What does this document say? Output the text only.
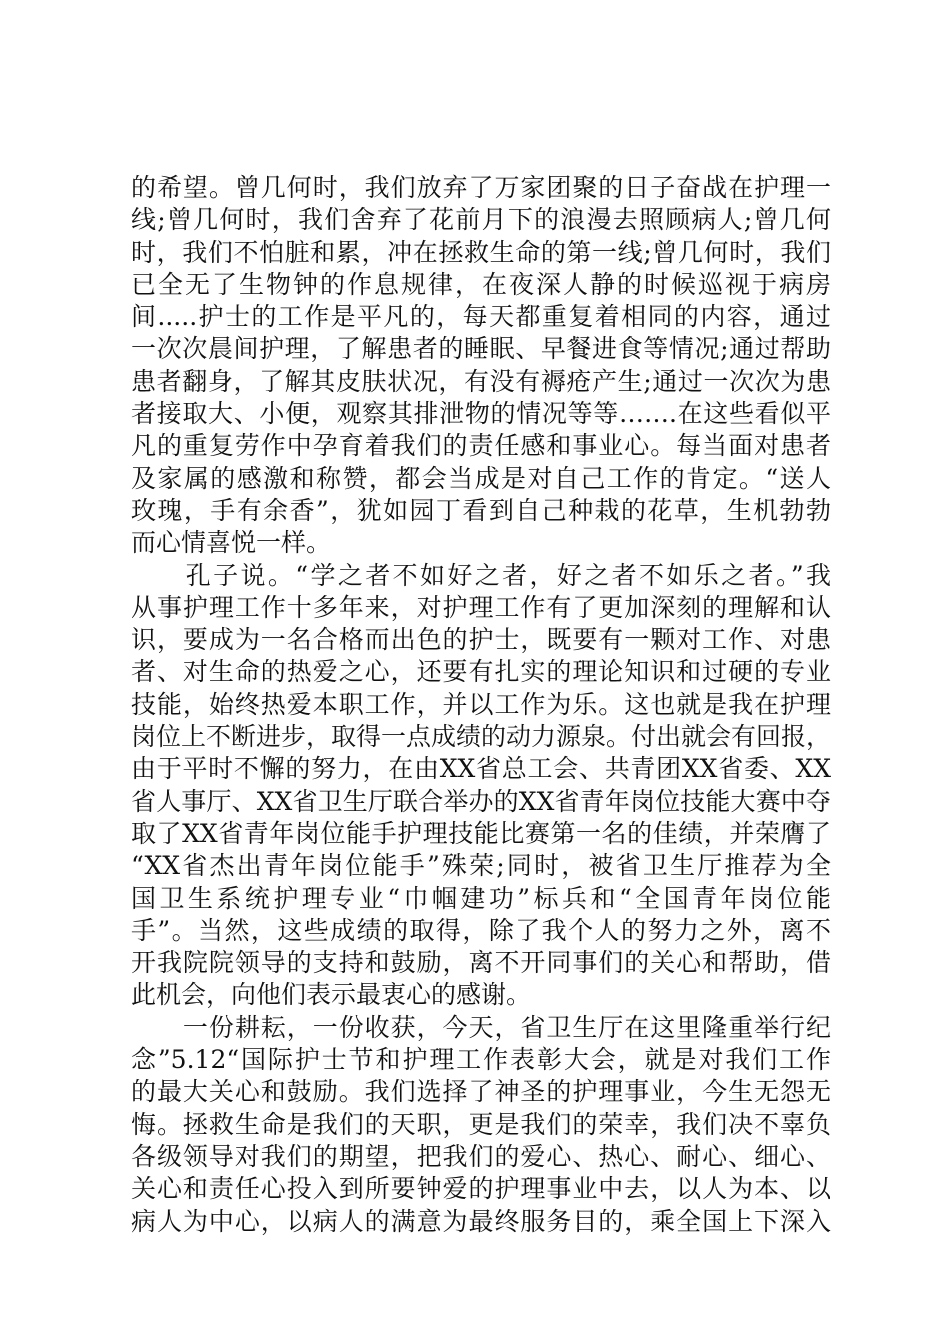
的希望。曾几何时，我们放弃了万家团聚的日子奋战在护理一
线;曾几何时，我们舍弃了花前月下的浪漫去照顾病人;曾几何
时，我们不怕脏和累，冲在拯救生命的第一线;曾几何时，我们
已全无了生物钟的作息规律，在夜深人静的时候巡视于病房
间.....护士的工作是平凡的，每天都重复着相同的内容，通过
一次次晨间护理，了解患者的睡眠、早餐进食等情况;通过帮助
患者翻身，了解其皮肤状况，有没有褥疮产生;通过一次次为患
者接取大、小便，观察其排泄物的情况等等…….在这些看似平
凡的重复劳作中孕育着我们的责任感和事业心。每当面对患者
及家属的感激和称赞，都会当成是对自己工作的肯定。“送人
玫瑰，手有余香”，犹如园丁看到自己种栽的花草，生机勃勃
而心情喜悦一样。
　　孔子说。“学之者不如好之者，好之者不如乐之者。”我
从事护理工作十多年来，对护理工作有了更加深刻的理解和认
识，要成为一名合格而出色的护士，既要有一颗对工作、对患
者、对生命的热爱之心，还要有扎实的理论知识和过硬的专业
技能，始终热爱本职工作，并以工作为乐。这也就是我在护理
岗位上不断进步，取得一点成绩的动力源泉。付出就会有回报，
由于平时不懈的努力，在由XX省总工会、共青团XX省委、XX
省人事厅、XX省卫生厅联合举办的XX省青年岗位技能大赛中夺
取了XX省青年岗位能手护理技能比赛第一名的佳绩，并荣膺了
“XX省杰出青年岗位能手”殊荣;同时，被省卫生厅推荐为全
国卫生系统护理专业“巾帼建功”标兵和“全国青年岗位能
手”。当然，这些成绩的取得，除了我个人的努力之外，离不
开我院院领导的支持和鼓励，离不开同事们的关心和帮助，借
此机会，向他们表示最衷心的感谢。
　　一份耕耘，一份收获，今天，省卫生厅在这里隆重举行纪
念”5.12“国际护士节和护理工作表彰大会，就是对我们工作
的最大关心和鼓励。我们选择了神圣的护理事业，今生无怨无
悔。拯救生命是我们的天职，更是我们的荣幸，我们决不辜负
各级领导对我们的期望，把我们的爱心、热心、耐心、细心、
关心和责任心投入到所要钟爱的护理事业中去，以人为本、以
病人为中心，以病人的满意为最终服务目的，乘全国上下深入
